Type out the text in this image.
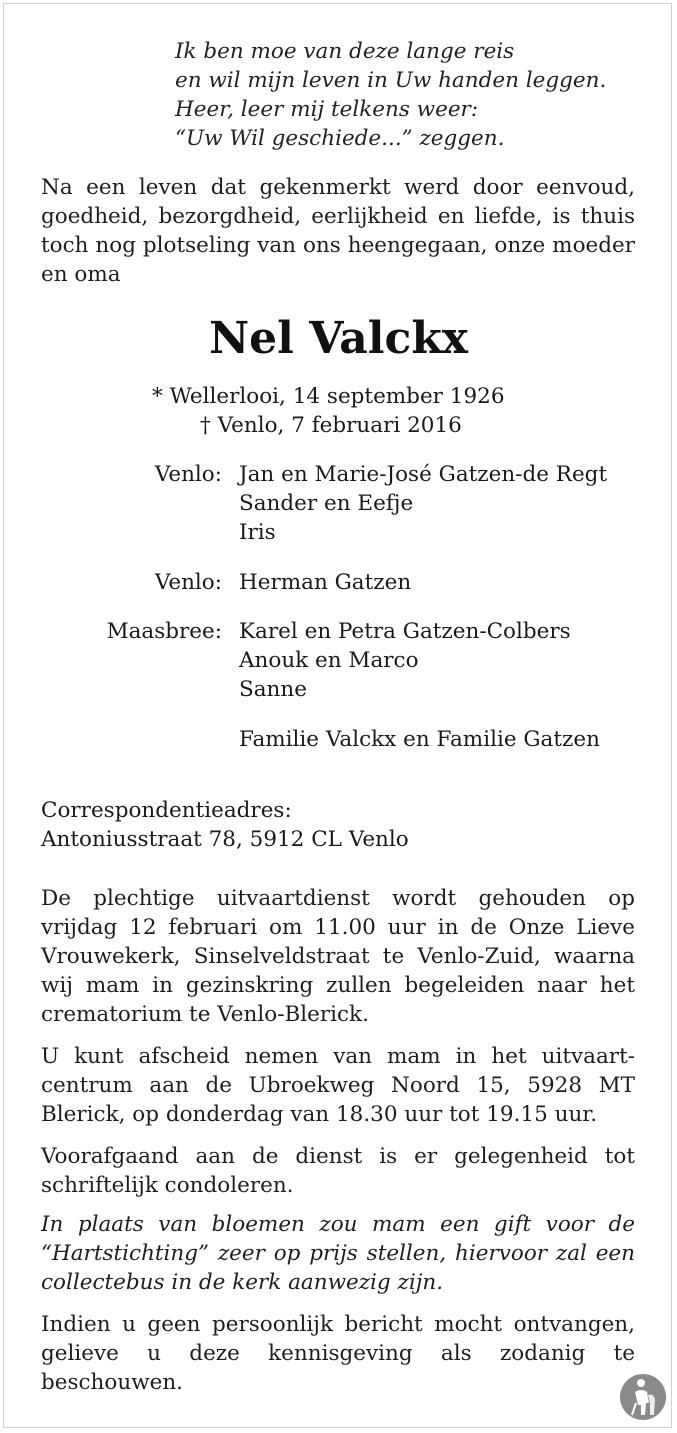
Ik ben moe van deze lange reis
en wil mijn leven in Uw handen leggen.
Heer, leer mij telkens weer:
“Uw Wil geschiede...” zeggen.
Na een leven dat gekenmerkt werd door eenvoud, goedheid, bezorgdheid, eerlijkheid en liefde, is thuis toch nog plotseling van ons heengegaan, onze moeder en oma
Nel Valckx
* Wellerlooi, 14 september 1926
† Venlo, 7 februari 2016
Venlo: Jan en Marie-José Gatzen-de Regt
Sander en Eefje
Iris
Venlo: Herman Gatzen
Maasbree: Karel en Petra Gatzen-Colbers
Anouk en Marco
Sanne
Familie Valckx en Familie Gatzen
Correspondentieadres:
Antoniusstraat 78, 5912 CL Venlo
De plechtige uitvaartdienst wordt gehouden op vrijdag 12 februari om 11.00 uur in de Onze Lieve Vrouwekerk, Sinselveldstraat te Venlo-Zuid, waarna wij mam in gezinskring zullen begeleiden naar het crematorium te Venlo-Blerick.
U kunt afscheid nemen van mam in het uitvaartcentrum aan de Ubroekweg Noord 15, 5928 MT Blerick, op donderdag van 18.30 uur tot 19.15 uur.
Voorafgaand aan de dienst is er gelegenheid tot schriftelijk condoleren.
In plaats van bloemen zou mam een gift voor de “Hartstichting” zeer op prijs stellen, hiervoor zal een collectebus in de kerk aanwezig zijn.
Indien u geen persoonlijk bericht mocht ontvangen, gelieve u deze kennisgeving als zodanig te beschouwen.
